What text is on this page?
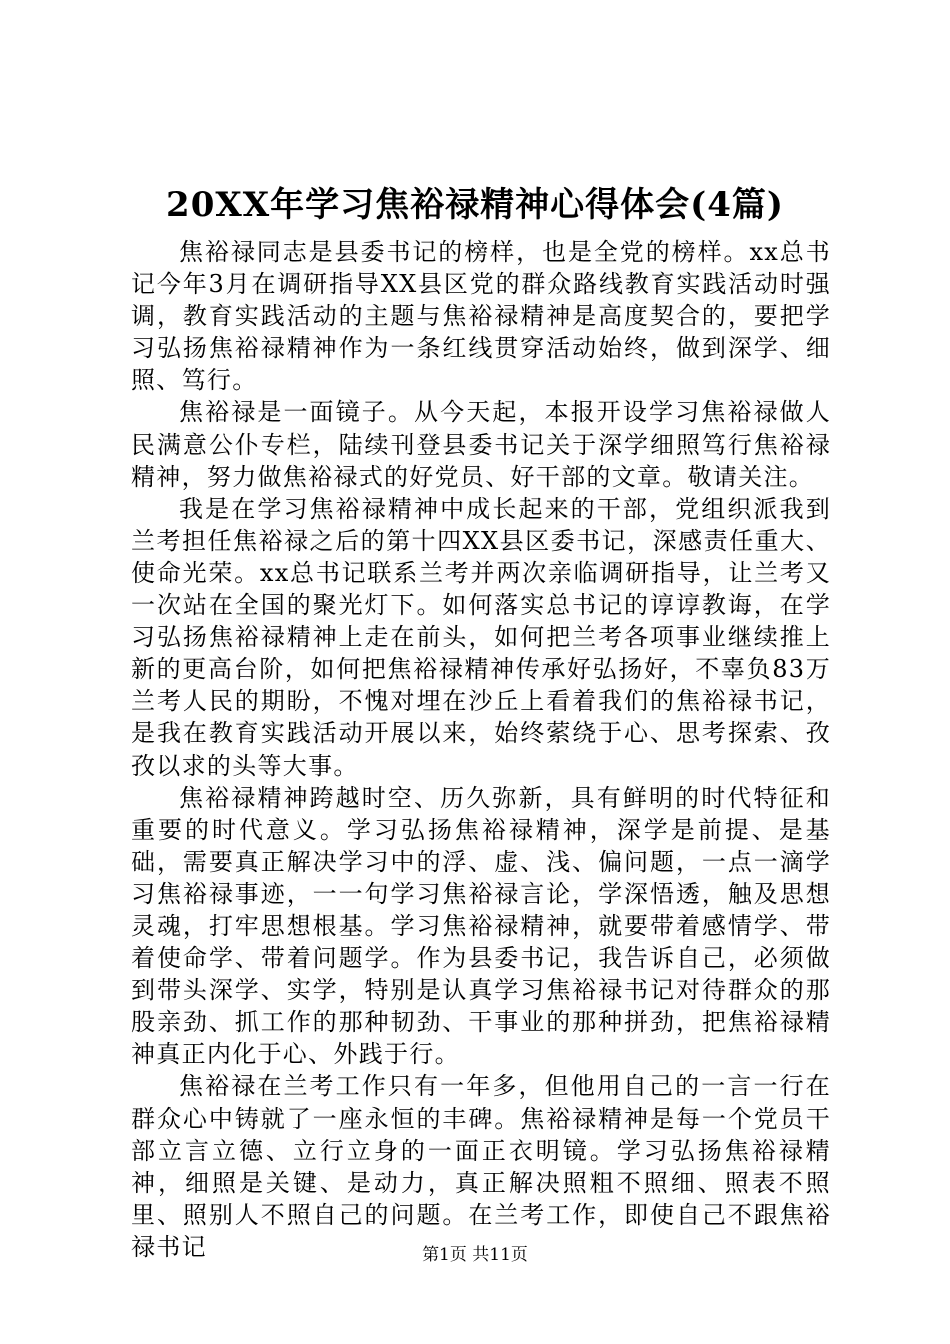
20XX年学习焦裕禄精神心得体会(4篇)

焦裕禄同志是县委书记的榜样，也是全党的榜样。xx总书记今年3月在调研指导XX县区党的群众路线教育实践活动时强调，教育实践活动的主题与焦裕禄精神是高度契合的，要把学习弘扬焦裕禄精神作为一条红线贯穿活动始终，做到深学、细照、笃行。

焦裕禄是一面镜子。从今天起，本报开设学习焦裕禄做人民满意公仆专栏，陆续刊登县委书记关于深学细照笃行焦裕禄精神，努力做焦裕禄式的好党员、好干部的文章。敬请关注。

我是在学习焦裕禄精神中成长起来的干部，党组织派我到兰考担任焦裕禄之后的第十四XX县区委书记，深感责任重大、使命光荣。xx总书记联系兰考并两次亲临调研指导，让兰考又一次站在全国的聚光灯下。如何落实总书记的谆谆教诲，在学习弘扬焦裕禄精神上走在前头，如何把兰考各项事业继续推上新的更高台阶，如何把焦裕禄精神传承好弘扬好，不辜负83万兰考人民的期盼，不愧对埋在沙丘上看着我们的焦裕禄书记，是我在教育实践活动开展以来，始终萦绕于心、思考探索、孜孜以求的头等大事。

焦裕禄精神跨越时空、历久弥新，具有鲜明的时代特征和重要的时代意义。学习弘扬焦裕禄精神，深学是前提、是基础，需要真正解决学习中的浮、虚、浅、偏问题，一点一滴学习焦裕禄事迹，一一句学习焦裕禄言论，学深悟透，触及思想灵魂，打牢思想根基。学习焦裕禄精神，就要带着感情学、带着使命学、带着问题学。作为县委书记，我告诉自己，必须做到带头深学、实学，特别是认真学习焦裕禄书记对待群众的那股亲劲、抓工作的那种韧劲、干事业的那种拼劲，把焦裕禄精神真正内化于心、外践于行。

焦裕禄在兰考工作只有一年多，但他用自己的一言一行在群众心中铸就了一座永恒的丰碑。焦裕禄精神是每一个党员干部立言立德、立行立身的一面正衣明镜。学习弘扬焦裕禄精神，细照是关键、是动力，真正解决照粗不照细、照表不照里、照别人不照自己的问题。在兰考工作，即使自己不跟焦裕禄书记	第1页 共11页
